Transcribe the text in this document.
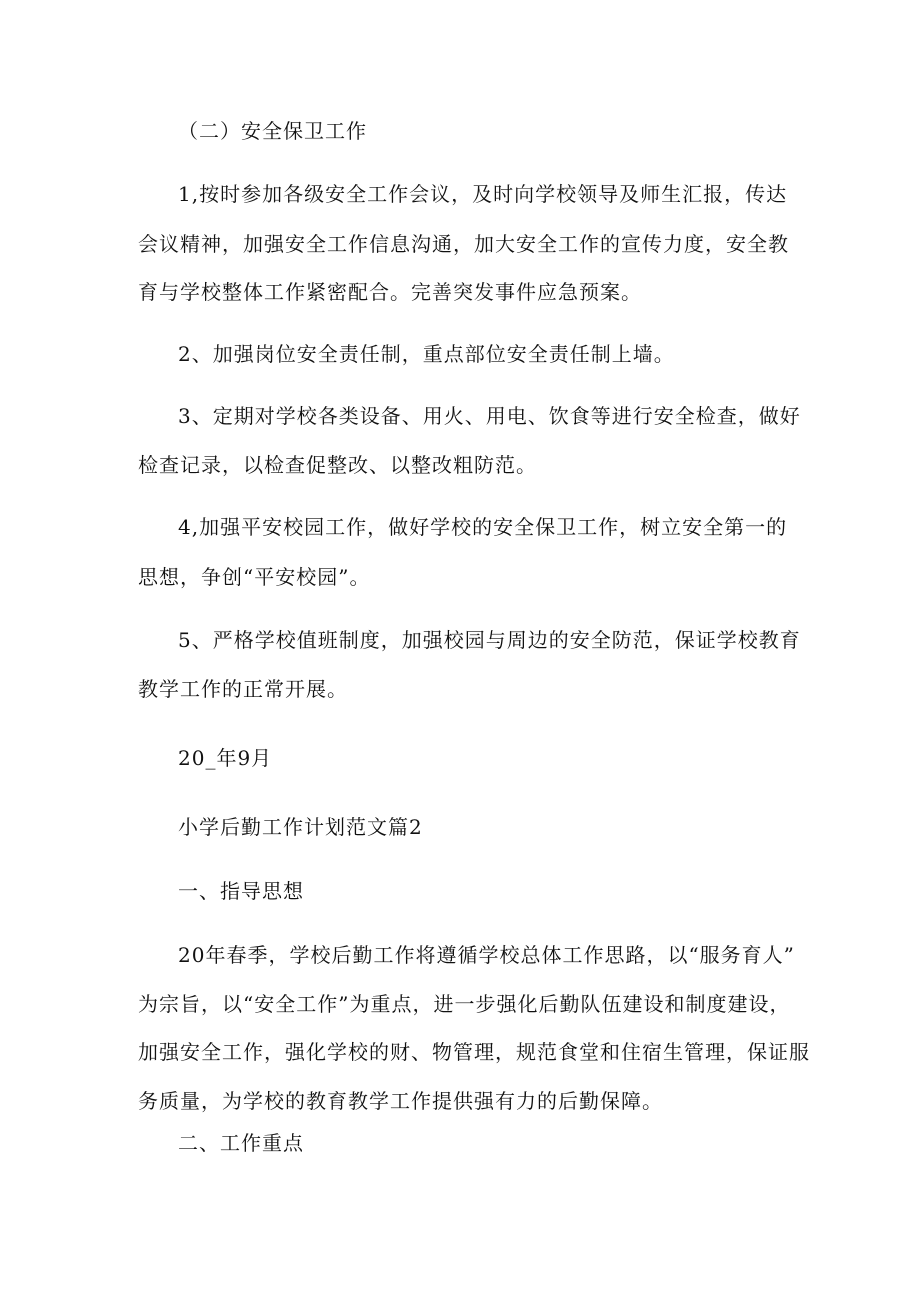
（二）安全保卫工作

1,按时参加各级安全工作会议，及时向学校领导及师生汇报，传达

会议精神，加强安全工作信息沟通，加大安全工作的宣传力度，安全教

育与学校整体工作紧密配合。完善突发事件应急预案。

2、加强岗位安全责任制，重点部位安全责任制上墙。

3、定期对学校各类设备、用火、用电、饮食等进行安全检查，做好

检查记录，以检查促整改、以整改粗防范。

4,加强平安校园工作，做好学校的安全保卫工作，树立安全第一的

思想，争创“平安校园”。

5、严格学校值班制度，加强校园与周边的安全防范，保证学校教育

教学工作的正常开展。

20_年9月

小学后勤工作计划范文篇2

一、指导思想

20年春季，学校后勤工作将遵循学校总体工作思路，以“服务育人”

为宗旨，以“安全工作”为重点，进一步强化后勤队伍建设和制度建设，

加强安全工作，强化学校的财、物管理，规范食堂和住宿生管理，保证服

务质量，为学校的教育教学工作提供强有力的后勤保障。

二、工作重点
